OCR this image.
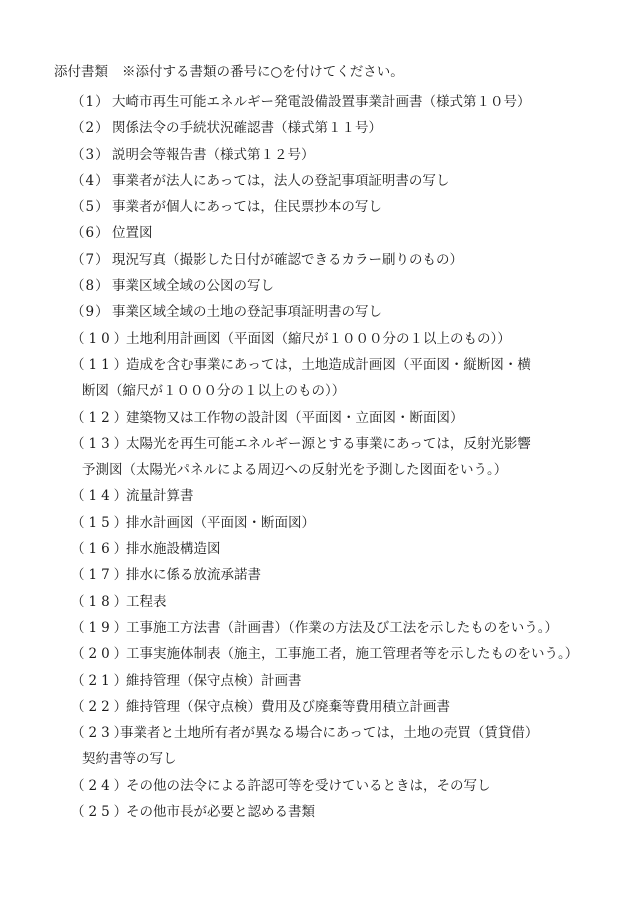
添付書類 ※添付する書類の番号に○を付けてください。
（1） 大崎市再生可能エネルギー発電設備設置事業計画書（様式第１０号）
（2） 関係法令の手続状況確認書（様式第１１号）
（3） 説明会等報告書（様式第１２号）
（4） 事業者が法人にあっては，法人の登記事項証明書の写し
（5） 事業者が個人にあっては，住民票抄本の写し
（6） 位置図
（7） 現況写真（撮影した日付が確認できるカラー刷りのもの）
（8） 事業区域全域の公図の写し
（9） 事業区域全域の土地の登記事項証明書の写し
（10）
土地利用計画図（平面図（縮尺が１０００分の１以上のもの））
（11）
造成を含む事業にあっては，土地造成計画図（平面図・縦断図・横
断図（縮尺が１０００分の１以上のもの））
（12）
建築物又は工作物の設計図（平面図・立面図・断面図）
（13）
太陽光を再生可能エネルギー源とする事業にあっては，反射光影響
予測図（太陽光パネルによる周辺への反射光を予測した図面をいう。）
（14）
流量計算書
（15）
排水計画図（平面図・断面図）
（16）
排水施設構造図
（17）
排水に係る放流承諾書
（18）
工程表
（19）
工事施工方法書（計画書）（作業の方法及び工法を示したものをいう。）
（20）
工事実施体制表（施主，工事施工者，施工管理者等を示したものをいう。）
（21）
維持管理（保守点検）計画書
（22）
維持管理（保守点検）費用及び廃棄等費用積立計画書
（23）
事業者と土地所有者が異なる場合にあっては，土地の売買（賃貸借）
契約書等の写し
（24）
その他の法令による許認可等を受けているときは，その写し
（25）
その他市長が必要と認める書類
